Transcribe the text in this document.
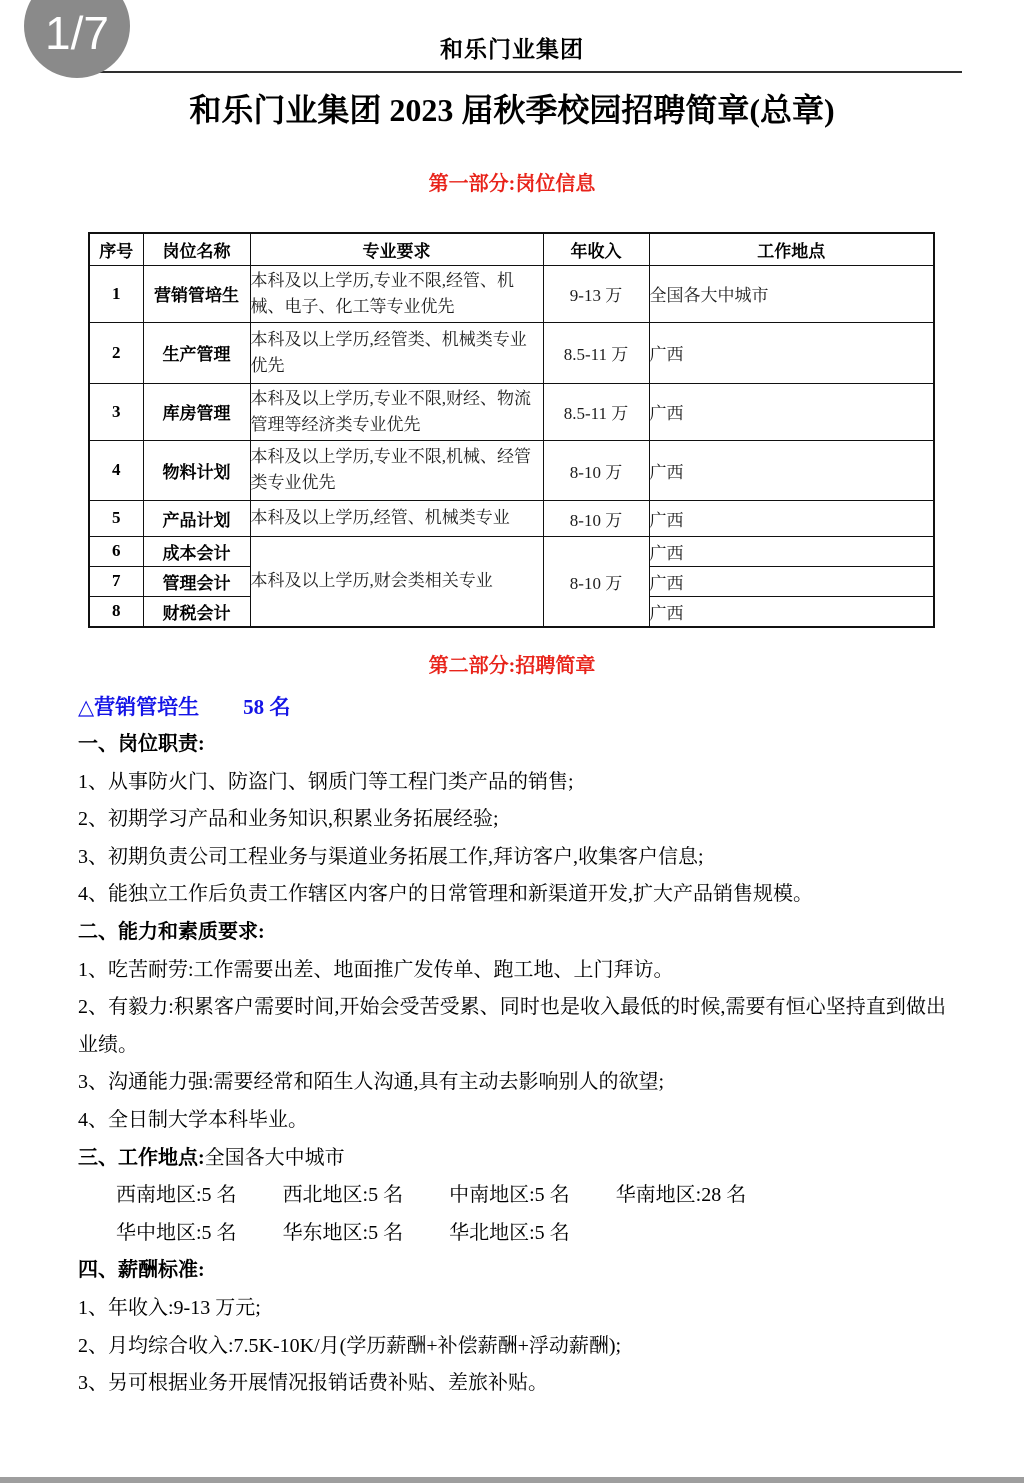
1/7	和乐门业集团
和乐门业集团 2023 届秋季校园招聘简章(总章)
第一部分:岗位信息
序号	岗位名称	专业要求	年收入	工作地点
1	营销管培生	本科及以上学历,专业不限,经管、机械、电子、化工等专业优先	9-13 万	全国各大中城市
2	生产管理	本科及以上学历,经管类、机械类专业优先	8.5-11 万	广西
3	库房管理	本科及以上学历,专业不限,财经、物流管理等经济类专业优先	8.5-11 万	广西
4	物料计划	本科及以上学历,专业不限,机械、经管类专业优先	8-10 万	广西
5	产品计划	本科及以上学历,经管、机械类专业	8-10 万	广西
6	成本会计	本科及以上学历,财会类相关专业	8-10 万	广西
7	管理会计			广西
8	财税会计			广西
第二部分:招聘简章
△营销管培生 58 名

一、岗位职责:

1、从事防火门、防盗门、钢质门等工程门类产品的销售;

2、初期学习产品和业务知识,积累业务拓展经验;

3、初期负责公司工程业务与渠道业务拓展工作,拜访客户,收集客户信息;

4、能独立工作后负责工作辖区内客户的日常管理和新渠道开发,扩大产品销售规模。

二、能力和素质要求:

1、吃苦耐劳:工作需要出差、地面推广发传单、跑工地、上门拜访。

2、有毅力:积累客户需要时间,开始会受苦受累、同时也是收入最低的时候,需要有恒心坚持直到做出业绩。

3、沟通能力强:需要经常和陌生人沟通,具有主动去影响别人的欲望;

4、全日制大学本科毕业。

三、工作地点:全国各大中城市

西南地区:5 名 西北地区:5 名 中南地区:5 名 华南地区:28 名

华中地区:5 名 华东地区:5 名 华北地区:5 名

四、薪酬标准:

1、年收入:9-13 万元;

2、月均综合收入:7.5K-10K/月(学历薪酬+补偿薪酬+浮动薪酬);

3、另可根据业务开展情况报销话费补贴、差旅补贴。
